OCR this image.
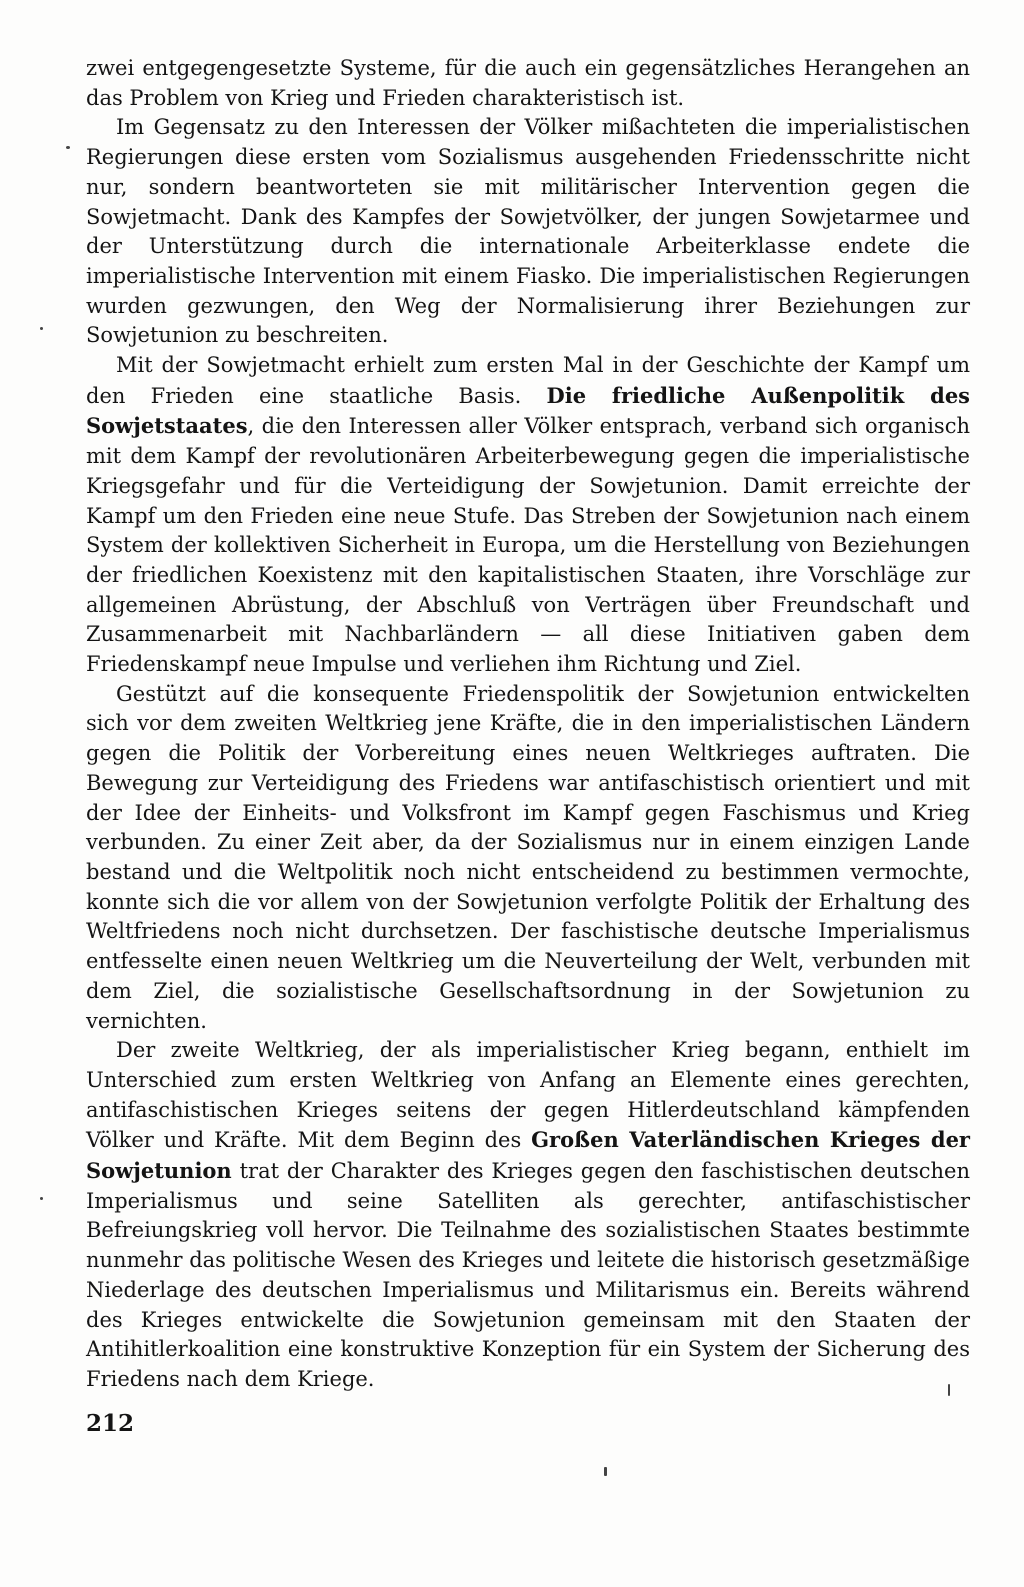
zwei entgegengesetzte Systeme, für die auch ein gegensätzliches Herangehen an das Problem von Krieg und Frieden charakteristisch ist.

Im Gegensatz zu den Interessen der Völker mißachteten die imperialistischen Regierungen diese ersten vom Sozialismus ausgehenden Friedensschritte nicht nur, sondern beantworteten sie mit militärischer Intervention gegen die Sowjetmacht. Dank des Kampfes der Sowjetvölker, der jungen Sowjetarmee und der Unterstützung durch die internationale Arbeiterklasse endete die imperialistische Intervention mit einem Fiasko. Die imperialistischen Regierungen wurden gezwungen, den Weg der Normalisierung ihrer Beziehungen zur Sowjetunion zu beschreiten.

Mit der Sowjetmacht erhielt zum ersten Mal in der Geschichte der Kampf um den Frieden eine staatliche Basis. Die friedliche Außenpolitik des Sowjetstaates, die den Interessen aller Völker entsprach, verband sich organisch mit dem Kampf der revolutionären Arbeiterbewegung gegen die imperialistische Kriegsgefahr und für die Verteidigung der Sowjetunion. Damit erreichte der Kampf um den Frieden eine neue Stufe. Das Streben der Sowjetunion nach einem System der kollektiven Sicherheit in Europa, um die Herstellung von Beziehungen der friedlichen Koexistenz mit den kapitalistischen Staaten, ihre Vorschläge zur allgemeinen Abrüstung, der Abschluß von Verträgen über Freundschaft und Zusammenarbeit mit Nachbarländern — all diese Initiativen gaben dem Friedenskampf neue Impulse und verliehen ihm Richtung und Ziel.

Gestützt auf die konsequente Friedenspolitik der Sowjetunion entwickelten sich vor dem zweiten Weltkrieg jene Kräfte, die in den imperialistischen Ländern gegen die Politik der Vorbereitung eines neuen Weltkrieges auftraten. Die Bewegung zur Verteidigung des Friedens war antifaschistisch orientiert und mit der Idee der Einheits- und Volksfront im Kampf gegen Faschismus und Krieg verbunden. Zu einer Zeit aber, da der Sozialismus nur in einem einzigen Lande bestand und die Weltpolitik noch nicht entscheidend zu bestimmen vermochte, konnte sich die vor allem von der Sowjetunion verfolgte Politik der Erhaltung des Weltfriedens noch nicht durchsetzen. Der faschistische deutsche Imperialismus entfesselte einen neuen Weltkrieg um die Neuverteilung der Welt, verbunden mit dem Ziel, die sozialistische Gesellschaftsordnung in der Sowjetunion zu vernichten.

Der zweite Weltkrieg, der als imperialistischer Krieg begann, enthielt im Unterschied zum ersten Weltkrieg von Anfang an Elemente eines gerechten, antifaschistischen Krieges seitens der gegen Hitlerdeutschland kämpfenden Völker und Kräfte. Mit dem Beginn des Großen Vaterländischen Krieges der Sowjetunion trat der Charakter des Krieges gegen den faschistischen deutschen Imperialismus und seine Satelliten als gerechter, antifaschistischer Befreiungskrieg voll hervor. Die Teilnahme des sozialistischen Staates bestimmte nunmehr das politische Wesen des Krieges und leitete die historisch gesetzmäßige Niederlage des deutschen Imperialismus und Militarismus ein. Bereits während des Krieges entwickelte die Sowjetunion gemeinsam mit den Staaten der Antihitlerkoalition eine konstruktive Konzeption für ein System der Sicherung des Friedens nach dem Kriege.

212
